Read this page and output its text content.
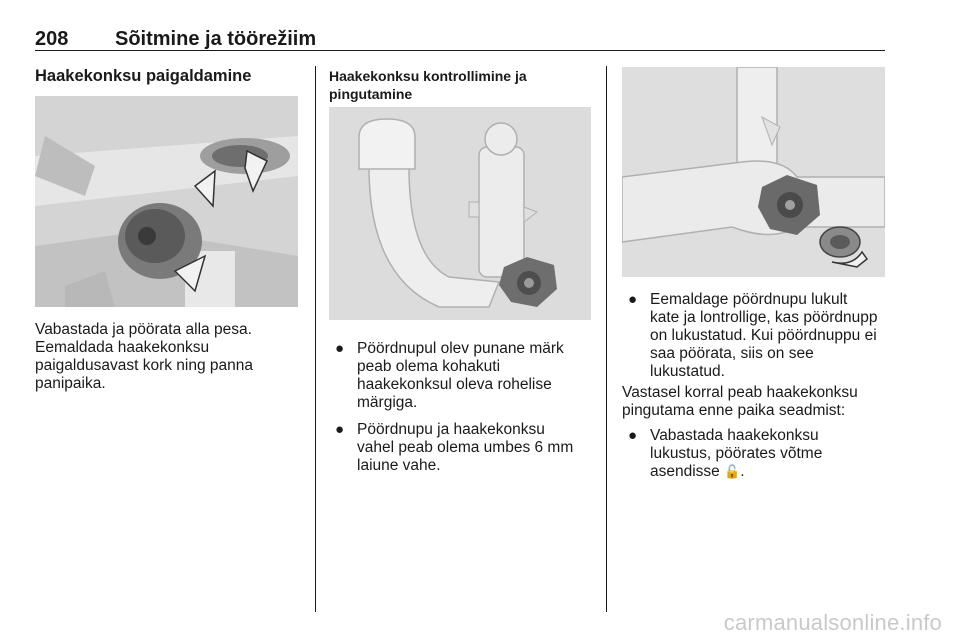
208 Sõitmine ja töörežiim
Haakekonksu paigaldamine
Vabastada ja pöörata alla pesa.
Eemaldada haakekonksu
paigaldusavast kork ning panna
panipaika.
Haakekonksu kontrollimine ja
pingutamine
● Pöördnupul olev punane märk
peab olema kohakuti
haakekonksul oleva rohelise
märgiga.
● Pöördnupu ja haakekonksu
vahel peab olema umbes 6 mm
laiune vahe.
● Eemaldage pöördnupu lukult
kate ja lontrollige, kas pöördnupp
on lukustatud. Kui pöördnuppu ei
saa pöörata, siis on see
lukustatud.
Vastasel korral peab haakekonksu
pingutama enne paika seadmist:
● Vabastada haakekonksu
lukustus, pöörates võtme
asendisse 🔓.
carmanualsonline.info
